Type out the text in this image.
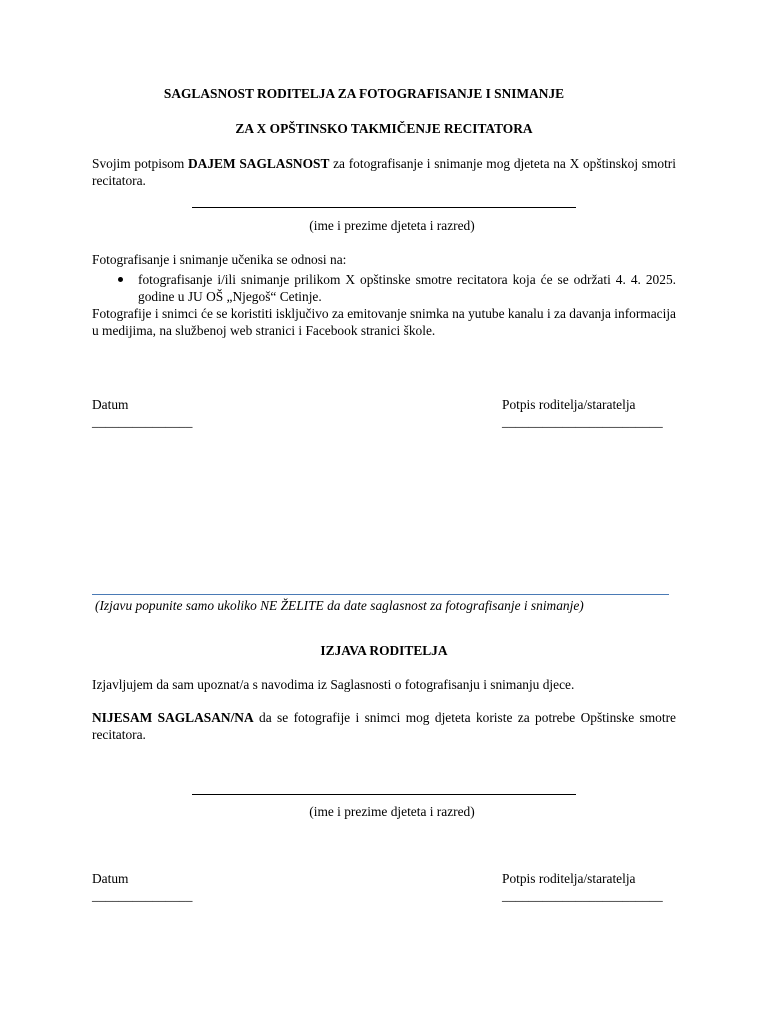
SAGLASNOST RODITELJA ZA FOTOGRAFISANJE I SNIMANJE
ZA X OPŠTINSKO TAKMIČENJE RECITATORA
Svojim potpisom DAJEM SAGLASNOST za fotografisanje i snimanje mog djeteta na X opštinskoj smotri recitatora.
(ime i prezime djeteta i razred)
Fotografisanje i snimanje učenika se odnosi na:
fotografisanje i/ili snimanje prilikom X opštinske smotre recitatora koja će se održati 4. 4. 2025. godine u JU OŠ „Njegoš“ Cetinje.
Fotografije i snimci će se koristiti isključivo za emitovanje snimka na yutube kanalu i za davanja informacija u medijima, na službenoj web stranici i Facebook stranici škole.
Datum
_______________
Potpis roditelja/staratelja
________________________
(Izjavu popunite samo ukoliko NE ŽELITE da date saglasnost za fotografisanje i snimanje)
IZJAVA RODITELJA
Izjavljujem da sam upoznat/a s navodima iz Saglasnosti o fotografisanju i snimanju djece.
NIJESAM SAGLASAN/NA da se fotografije i snimci mog djeteta koriste za potrebe Opštinske smotre recitatora.
(ime i prezime djeteta i razred)
Datum
_______________
Potpis roditelja/staratelja
________________________
